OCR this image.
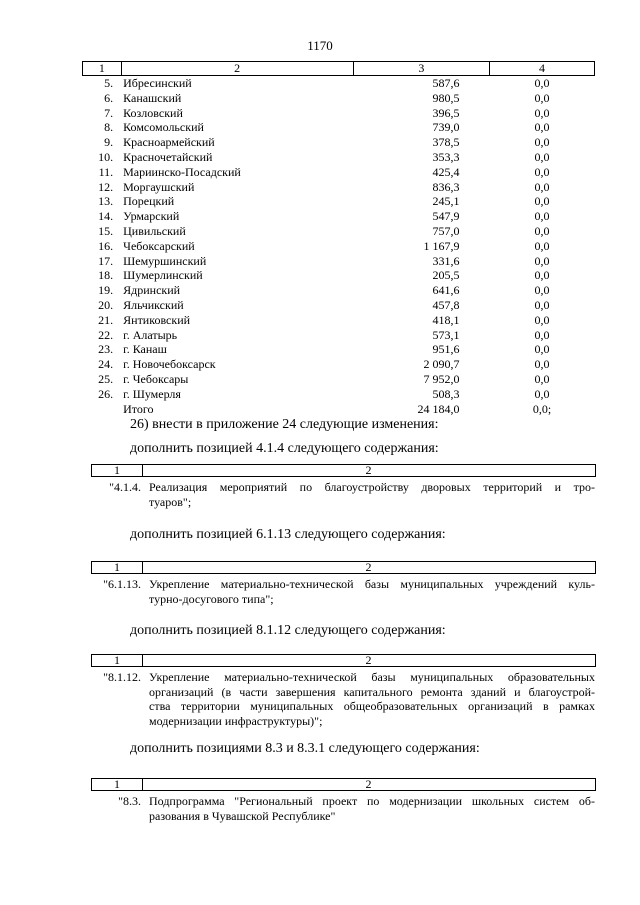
1170
1	2	3	4
5.	Ибресинский	587,6	0,0
6.	Канашский	980,5	0,0
7.	Козловский	396,5	0,0
8.	Комсомольский	739,0	0,0
9.	Красноармейский	378,5	0,0
10.	Красночетайский	353,3	0,0
11.	Мариинско-Посадский	425,4	0,0
12.	Моргаушский	836,3	0,0
13.	Порецкий	245,1	0,0
14.	Урмарский	547,9	0,0
15.	Цивильский	757,0	0,0
16.	Чебоксарский	1 167,9	0,0
17.	Шемуршинский	331,6	0,0
18.	Шумерлинский	205,5	0,0
19.	Ядринский	641,6	0,0
20.	Яльчикский	457,8	0,0
21.	Янтиковский	418,1	0,0
22.	г. Алатырь	573,1	0,0
23.	г. Канаш	951,6	0,0
24.	г. Новочебоксарск	2 090,7	0,0
25.	г. Чебоксары	7 952,0	0,0
26.	г. Шумерля	508,3	0,0
	Итого	24 184,0	0,0;
26) внести в приложение 24 следующие изменения:
дополнить позицией 4.1.4 следующего содержания:
1	2
"4.1.4. Реализация мероприятий по благоустройству дворовых территорий и тро-
туаров";
дополнить позицией 6.1.13 следующего содержания:
1	2
"6.1.13. Укрепление материально-технической базы муниципальных учреждений куль-
турно-досугового типа";
дополнить позицией 8.1.12 следующего содержания:
1	2
"8.1.12. Укрепление материально-технической базы муниципальных образовательных
организаций (в части завершения капитального ремонта зданий и благоустрой-
ства территории муниципальных общеобразовательных организаций в рамках
модернизации инфраструктуры)";
дополнить позициями 8.3 и 8.3.1 следующего содержания:
1	2
"8.3. Подпрограмма "Региональный проект по модернизации школьных систем об-
разования в Чувашской Республике"
